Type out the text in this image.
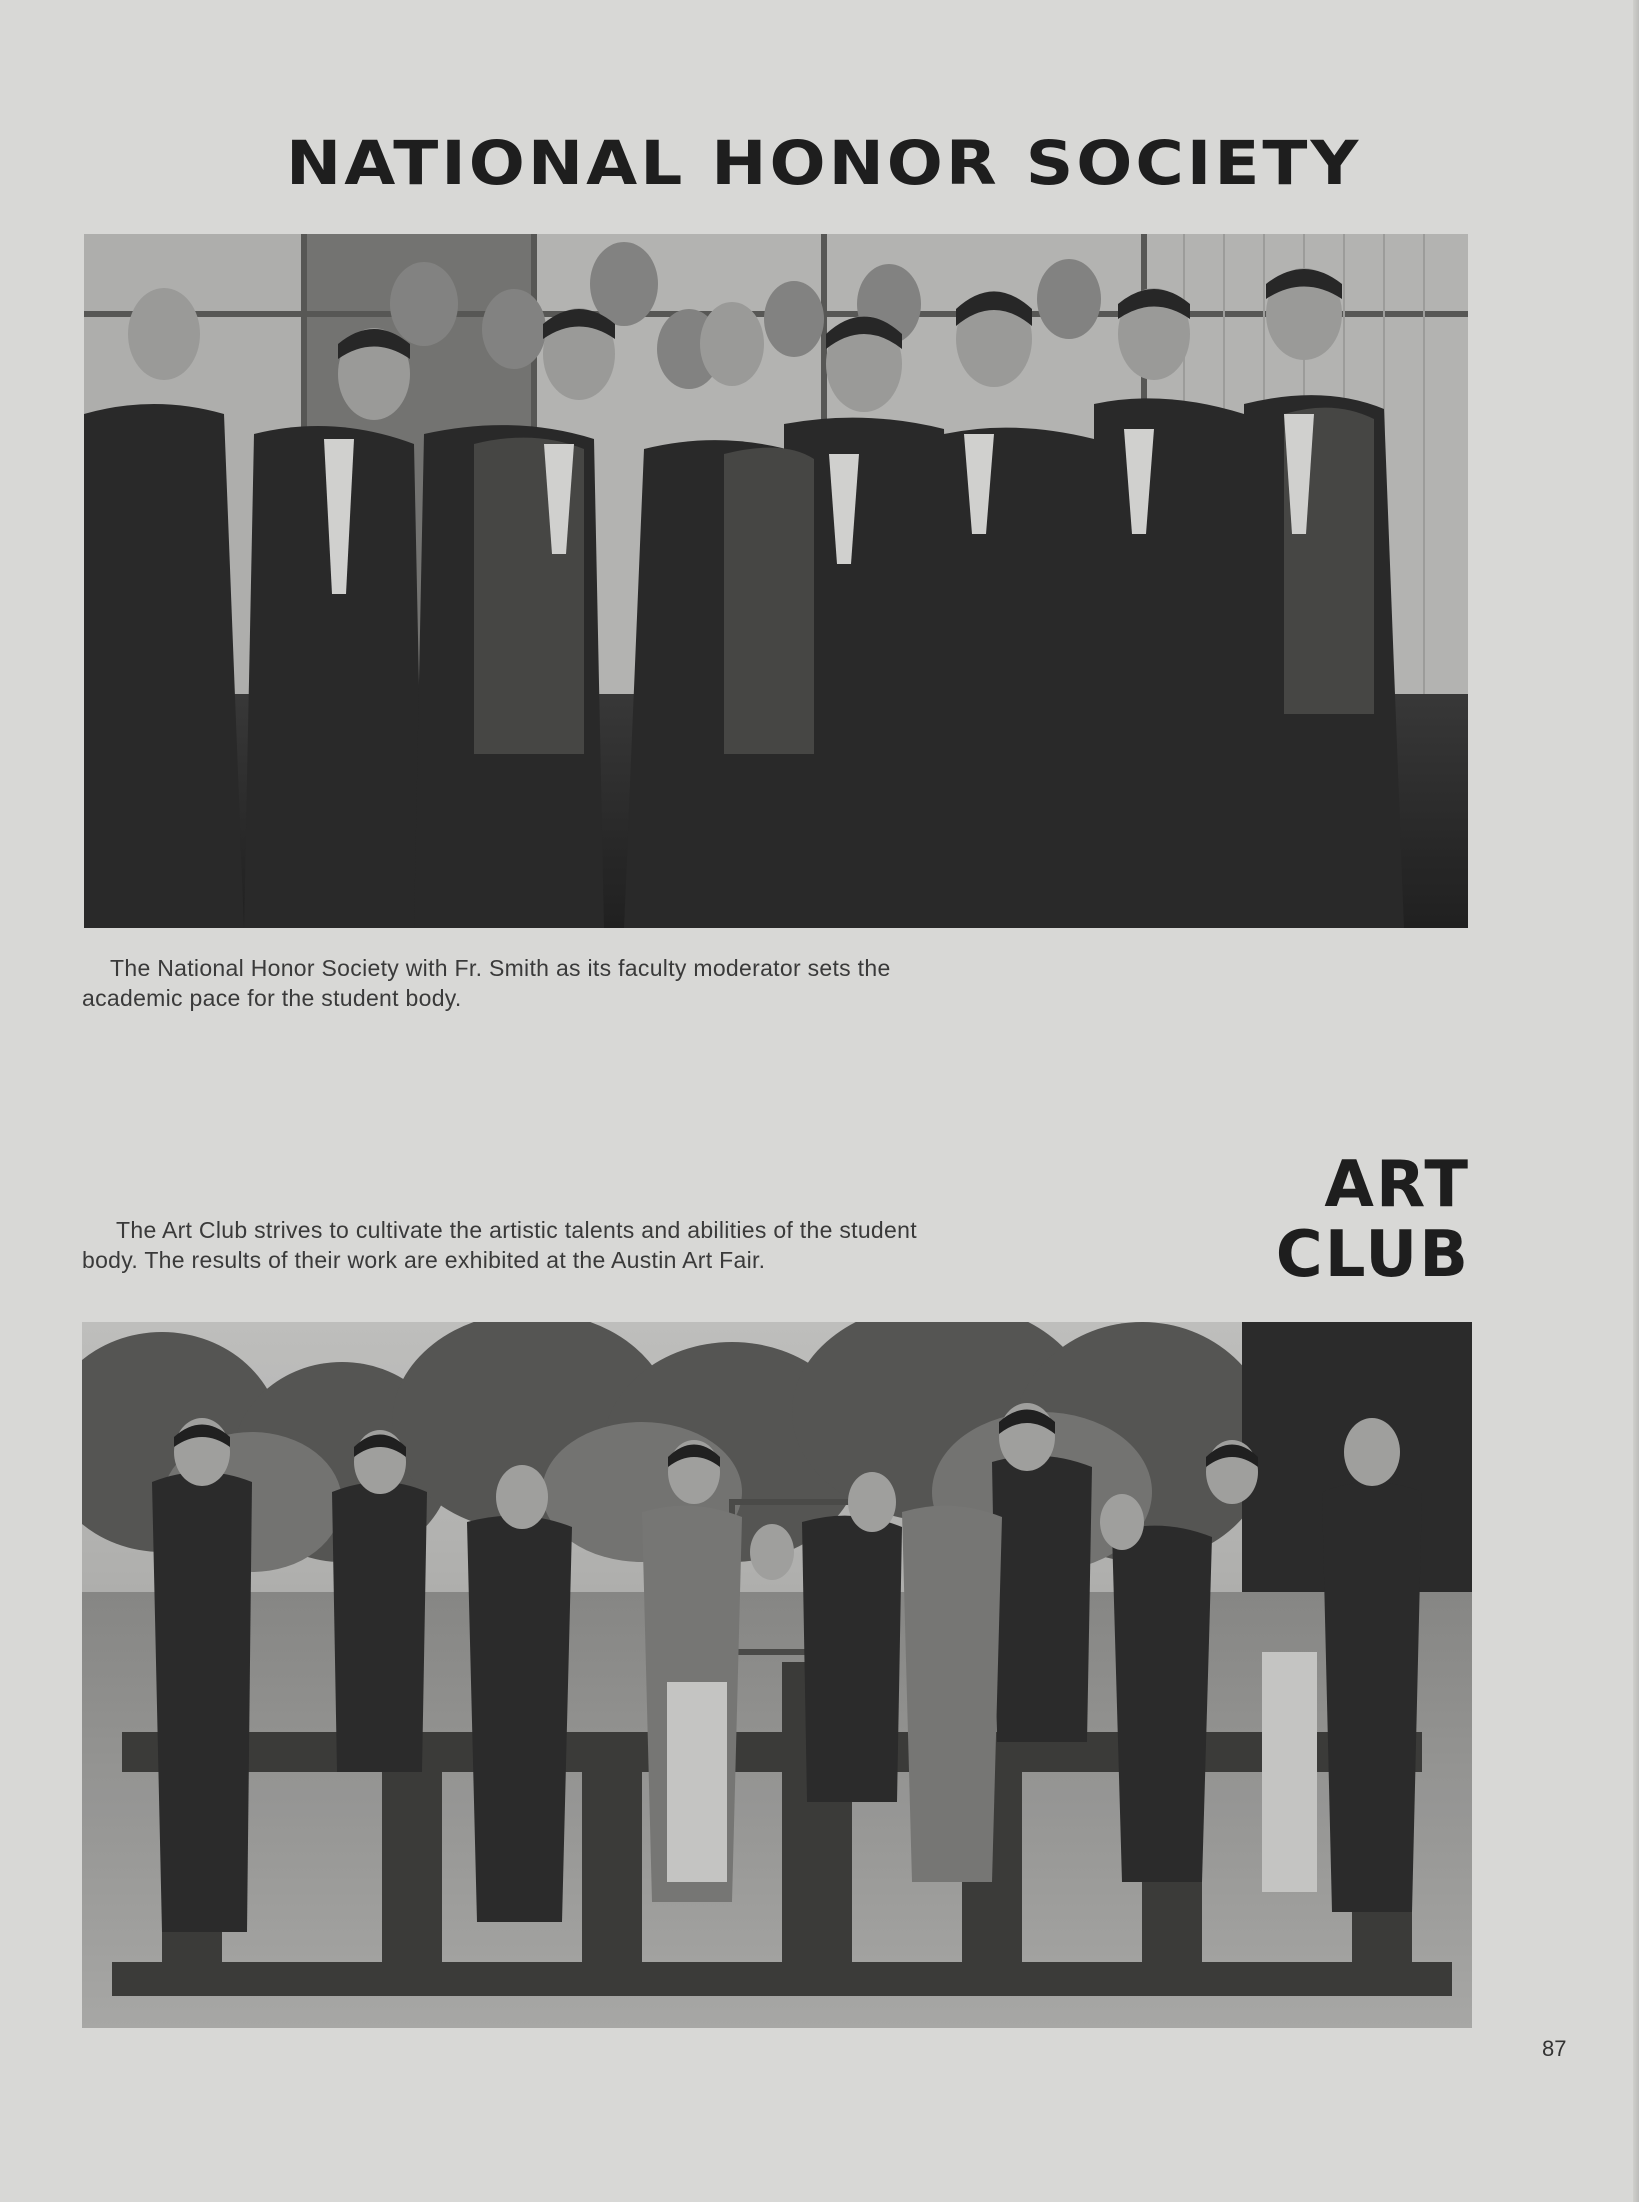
NATIONAL HONOR SOCIETY

The National Honor Society with Fr. Smith as its faculty moderator sets the
academic pace for the student body.

ART
CLUB

The Art Club strives to cultivate the artistic talents and abilities of the student
body. The results of their work are exhibited at the Austin Art Fair.

87
